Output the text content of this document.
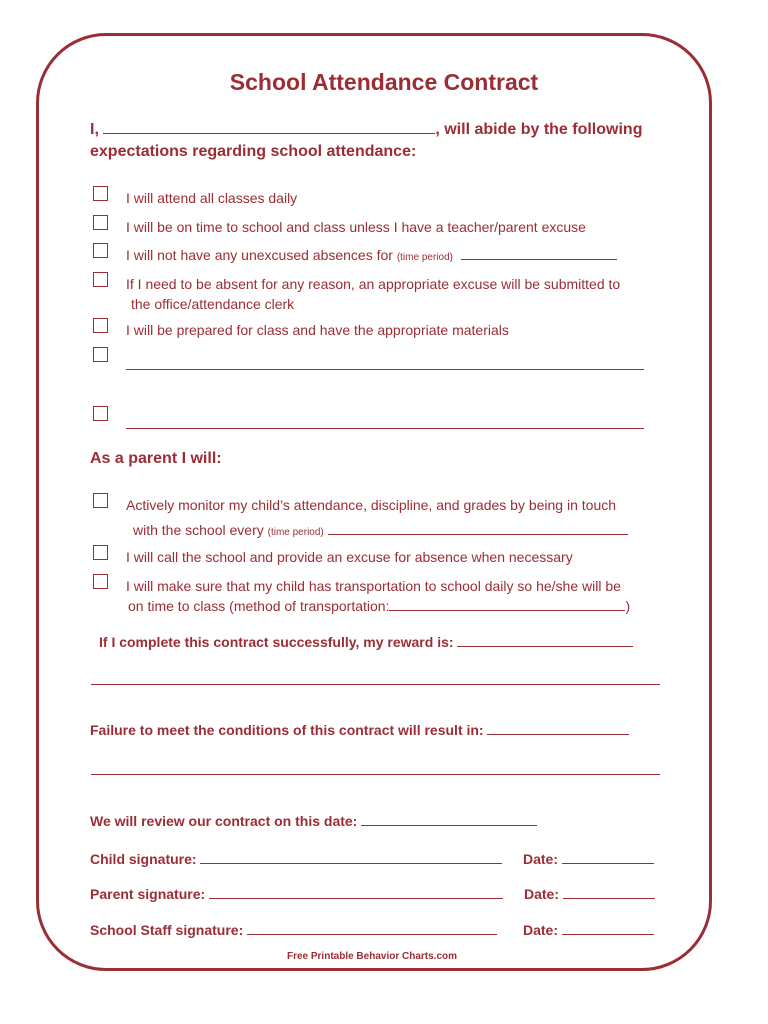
School Attendance Contract
I,	, will abide by the following
expectations regarding school attendance:
I will attend all classes daily
I will be on time to school and class unless I have a teacher/parent excuse
I will not have any unexcused absences for (time period)
If I need to be absent for any reason, an appropriate excuse will be submitted to
the office/attendance clerk
I will be prepared for class and have the appropriate materials
As a parent I will:
Actively monitor my child’s attendance, discipline, and grades by being in touch
with the school every (time period)
I will call the school and provide an excuse for absence when necessary
I will make sure that my child has transportation to school daily so he/she will be
on time to class (method of transportation:	)
If I complete this contract successfully, my reward is:
Failure to meet the conditions of this contract will result in:
We will review our contract on this date:
Child signature:	Date:
Parent signature:	Date:
School Staff signature:	Date:
Free Printable Behavior Charts.com
